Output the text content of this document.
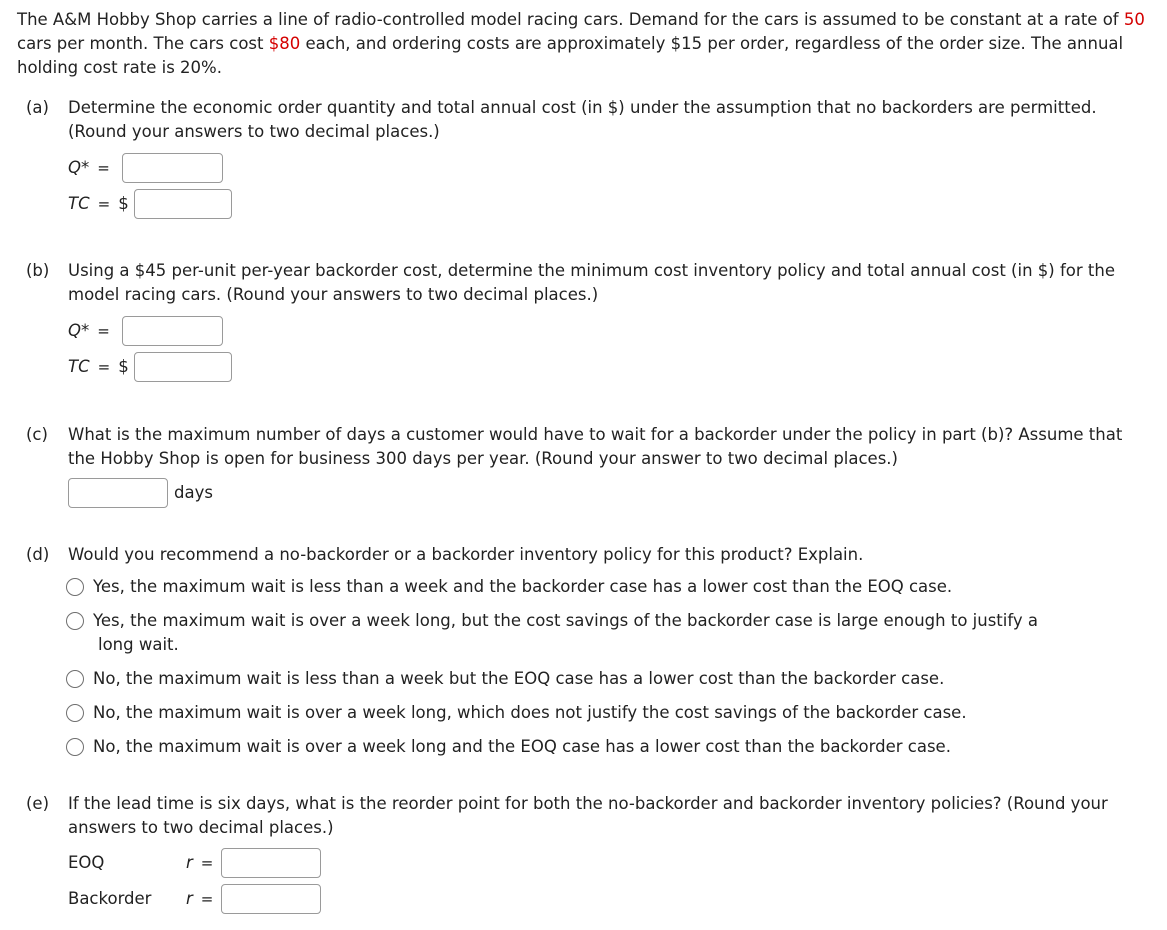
The A&M Hobby Shop carries a line of radio-controlled model racing cars. Demand for the cars is assumed to be constant at a rate of 50 cars per month. The cars cost $80 each, and ordering costs are approximately $15 per order, regardless of the order size. The annual holding cost rate is 20%.
(a) Determine the economic order quantity and total annual cost (in $) under the assumption that no backorders are permitted. (Round your answers to two decimal places.)
Q* =
TC = $
(b) Using a $45 per-unit per-year backorder cost, determine the minimum cost inventory policy and total annual cost (in $) for the model racing cars. (Round your answers to two decimal places.)
Q* =
TC = $
(c) What is the maximum number of days a customer would have to wait for a backorder under the policy in part (b)? Assume that the Hobby Shop is open for business 300 days per year. (Round your answer to two decimal places.)
days
(d) Would you recommend a no-backorder or a backorder inventory policy for this product? Explain.
Yes, the maximum wait is less than a week and the backorder case has a lower cost than the EOQ case.
Yes, the maximum wait is over a week long, but the cost savings of the backorder case is large enough to justify a
long wait.
No, the maximum wait is less than a week but the EOQ case has a lower cost than the backorder case.
No, the maximum wait is over a week long, which does not justify the cost savings of the backorder case.
No, the maximum wait is over a week long and the EOQ case has a lower cost than the backorder case.
(e) If the lead time is six days, what is the reorder point for both the no-backorder and backorder inventory policies? (Round your answers to two decimal places.)
EOQ	r =
Backorder	r =
